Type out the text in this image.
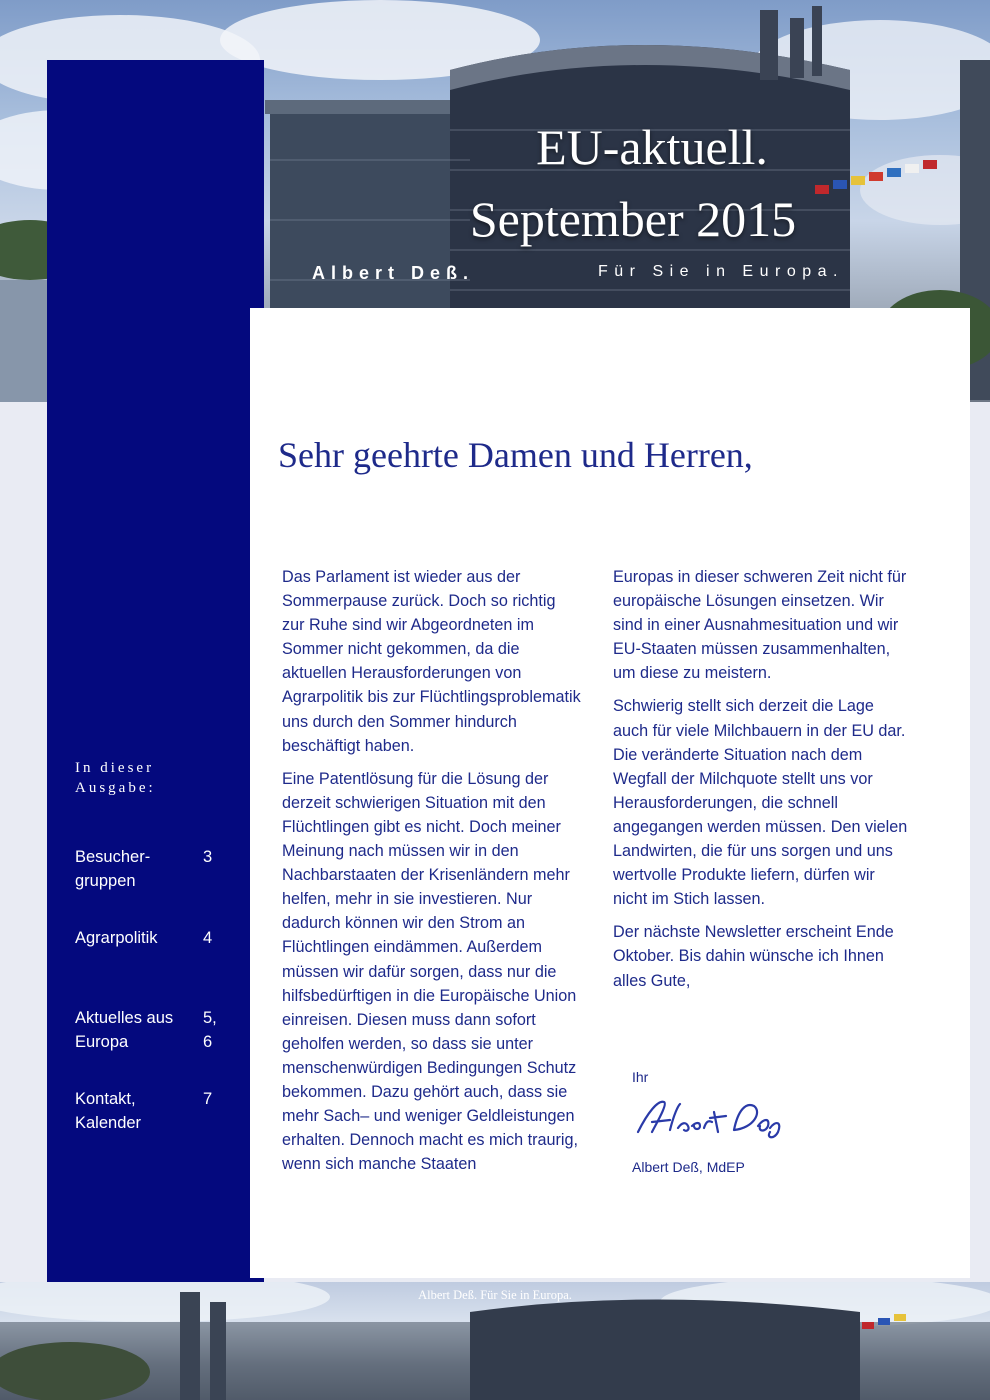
EU-aktuell.
September 2015
Albert Deß.	Für Sie in Europa.
Sehr geehrte Damen und Herren,
In dieser Ausgabe:
Besucher-gruppen
3
Agrarpolitik	4
Aktuelles aus Europa
5, 6
Kontakt, Kalender
7

Das Parlament ist wieder aus der Sommerpause zurück. Doch so richtig zur Ruhe sind wir Abgeordneten im Sommer nicht gekommen, da die aktuellen Herausforderungen von Agrarpolitik bis zur Flüchtlingsproblematik uns durch den Sommer hindurch beschäftigt haben.

Eine Patentlösung für die Lösung der derzeit schwierigen Situation mit den Flüchtlingen gibt es nicht. Doch meiner Meinung nach müssen wir in den Nachbarstaaten der Krisenländern mehr helfen, mehr in sie investieren. Nur dadurch können wir den Strom an Flüchtlingen eindämmen. Außerdem müssen wir dafür sorgen, dass nur die hilfsbedürftigen in die Europäische Union einreisen. Diesen muss dann sofort geholfen werden, so dass sie unter menschenwürdigen Bedingungen Schutz bekommen. Dazu gehört auch, dass sie mehr Sach– und weniger Geldleistungen erhalten. Dennoch macht es mich traurig, wenn sich manche Staaten

Europas in dieser schweren Zeit nicht für europäische Lösungen einsetzen. Wir sind in einer Ausnahmesituation und wir EU-Staaten müssen zusammenhalten, um diese zu meistern.

Schwierig stellt sich derzeit die Lage auch für viele Milchbauern in der EU dar. Die veränderte Situation nach dem Wegfall der Milchquote stellt uns vor Herausforderungen, die schnell angegangen werden müssen. Den vielen Landwirten, die für uns sorgen und uns wertvolle Produkte liefern, dürfen wir nicht im Stich lassen.

Der nächste Newsletter erscheint Ende Oktober. Bis dahin wünsche ich Ihnen alles Gute,

Ihr
Albert Deß, MdEP
Albert Deß. Für Sie in Europa.
